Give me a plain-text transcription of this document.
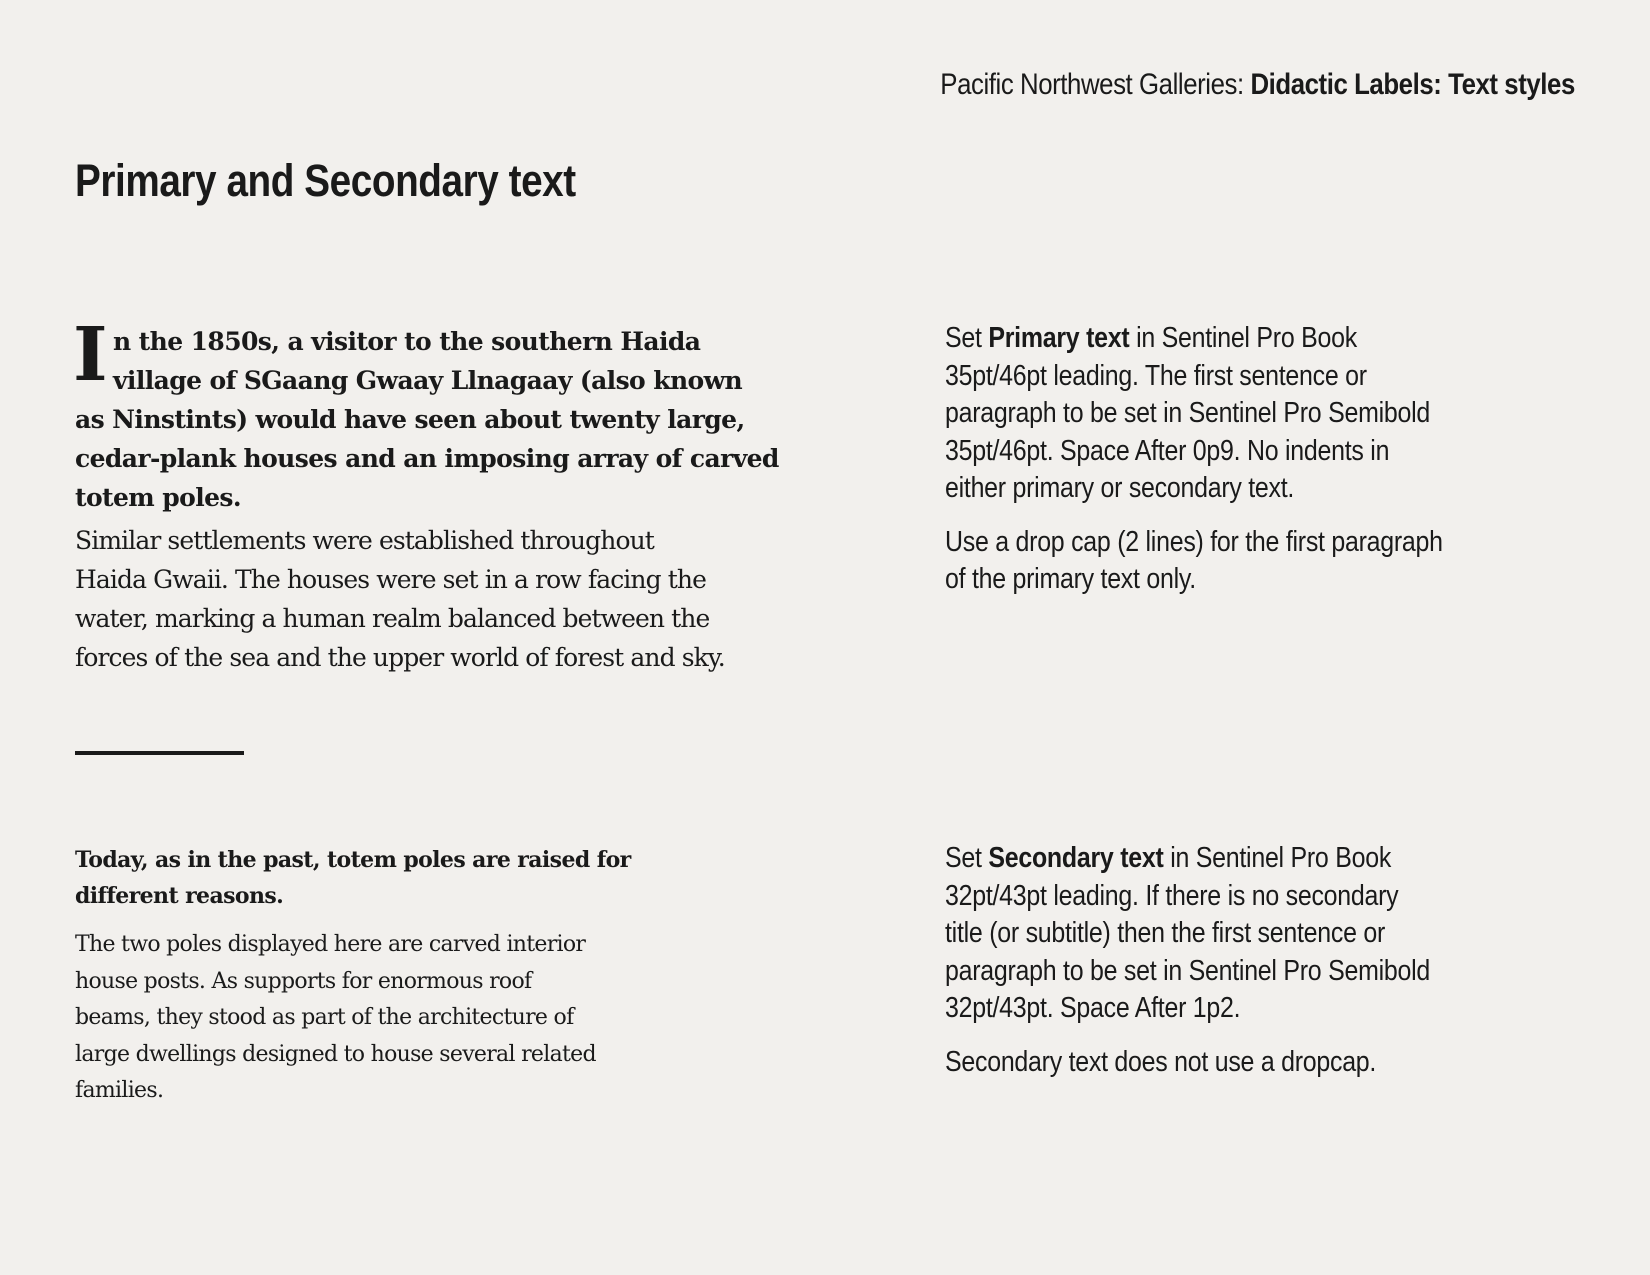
Pacific Northwest Galleries: Didactic Labels: Text styles
Primary and Secondary text
I n the 1850s, a visitor to the southern Haida
village of SGaang Gwaay Llnagaay (also known
as Ninstints) would have seen about twenty large,
cedar-plank houses and an imposing array of carved
totem poles.

Similar settlements were established throughout
Haida Gwaii. The houses were set in a row facing the
water, marking a human realm balanced between the
forces of the sea and the upper world of forest and sky.

Today, as in the past, totem poles are raised for
different reasons.

The two poles displayed here are carved interior
house posts. As supports for enormous roof
beams, they stood as part of the architecture of
large dwellings designed to house several related
families.

Set Primary text in Sentinel Pro Book
35pt/46pt leading. The first sentence or
paragraph to be set in Sentinel Pro Semibold
35pt/46pt. Space After 0p9. No indents in
either primary or secondary text.

Use a drop cap (2 lines) for the first paragraph
of the primary text only.

Set Secondary text in Sentinel Pro Book
32pt/43pt leading. If there is no secondary
title (or subtitle) then the first sentence or
paragraph to be set in Sentinel Pro Semibold
32pt/43pt. Space After 1p2.

Secondary text does not use a dropcap.
